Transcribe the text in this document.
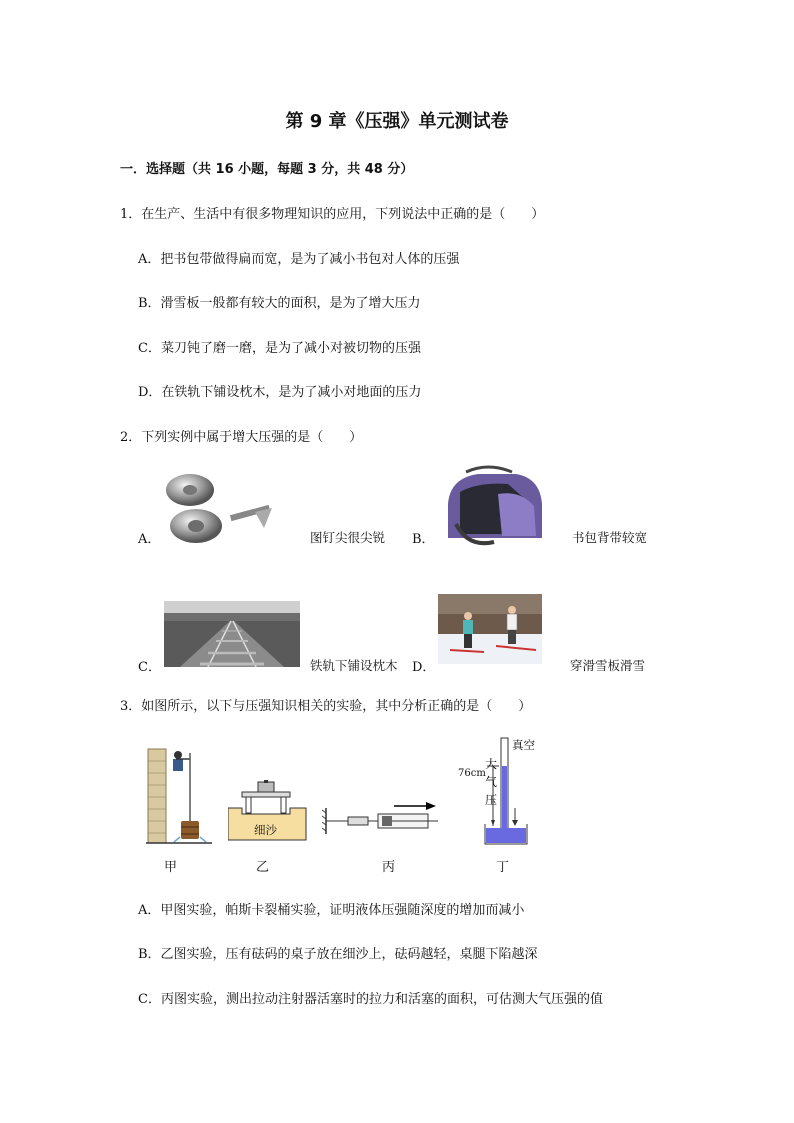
第 9 章《压强》单元测试卷
一．选择题（共 16 小题，每题 3 分，共 48 分）
1．在生产、生活中有很多物理知识的应用，下列说法中正确的是（　　）
A．把书包带做得扁而宽，是为了减小书包对人体的压强
B．滑雪板一般都有较大的面积，是为了增大压力
C．菜刀钝了磨一磨，是为了减小对被切物的压强
D．在铁轨下铺设枕木，是为了减小对地面的压力
2．下列实例中属于增大压强的是（　　）
A．	图钉尖很尖锐 B．	书包背带较宽
C．	铁轨下铺设枕木 D．	穿滑雪板滑雪
3．如图所示，以下与压强知识相关的实验，其中分析正确的是（　　）
细沙
真空
76cm
大
气
压
甲	乙	丙	丁
A．甲图实验，帕斯卡裂桶实验，证明液体压强随深度的增加而减小
B．乙图实验，压有砝码的桌子放在细沙上，砝码越轻，桌腿下陷越深
C．丙图实验，测出拉动注射器活塞时的拉力和活塞的面积，可估测大气压强的值
